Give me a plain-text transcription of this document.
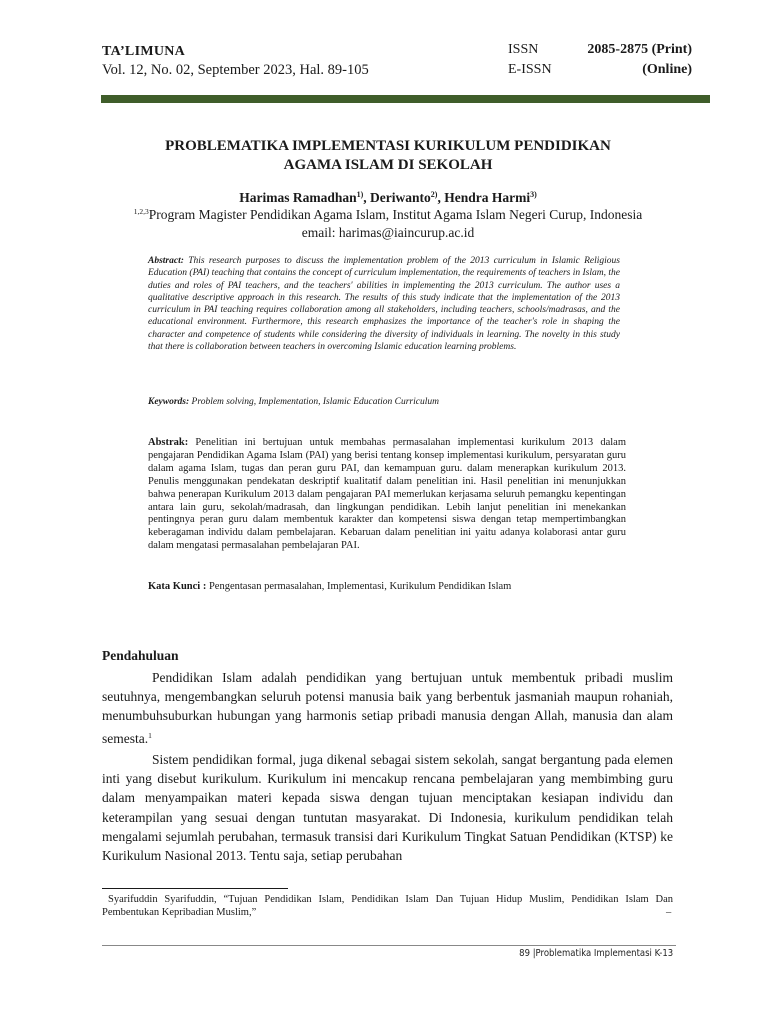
TA’LIMUNA
Vol. 12, No. 02, September 2023, Hal. 89-105
ISSN	2085-2875 (Print)
E-ISSN	(Online)
PROBLEMATIKA IMPLEMENTASI KURIKULUM PENDIDIKAN
AGAMA ISLAM DI SEKOLAH
Harimas Ramadhan$^{1)}$, Deriwanto$^{2)}$, Hendra Harmi$^{3)}$
$^{1,2,3}$Program Magister Pendidikan Agama Islam, Institut Agama Islam Negeri Curup, Indonesia
email: harimas@iaincurup.ac.id
Abstract: This research purposes to discuss the implementation problem of the 2013 curriculum in Islamic Religious Education (PAI) teaching that contains the concept of curriculum implementation, the requirements of teachers in Islam, the duties and roles of PAI teachers, and the teachers' abilities in implementing the 2013 curriculum. The author uses a qualitative descriptive approach in this research. The results of this study indicate that the implementation of the 2013 curriculum in PAI teaching requires collaboration among all stakeholders, including teachers, schools/madrasas, and the educational environment. Furthermore, this research emphasizes the importance of the teacher's role in shaping the character and competence of students while considering the diversity of individuals in learning. The novelty in this study that there is collaboration between teachers in overcoming Islamic education learning problems.
Keywords: Problem solving, Implementation, Islamic Education Curriculum
Abstrak: Penelitian ini bertujuan untuk membahas permasalahan implementasi kurikulum 2013 dalam pengajaran Pendidikan Agama Islam (PAI) yang berisi tentang konsep implementasi kurikulum, persyaratan guru dalam agama Islam, tugas dan peran guru PAI, dan kemampuan guru. dalam menerapkan kurikulum 2013. Penulis menggunakan pendekatan deskriptif kualitatif dalam penelitian ini. Hasil penelitian ini menunjukkan bahwa penerapan Kurikulum 2013 dalam pengajaran PAI memerlukan kerjasama seluruh pemangku kepentingan antara lain guru, sekolah/madrasah, dan lingkungan pendidikan. Lebih lanjut penelitian ini menekankan pentingnya peran guru dalam membentuk karakter dan kompetensi siswa dengan tetap mempertimbangkan keberagaman individu dalam pembelajaran. Kebaruan dalam penelitian ini yaitu adanya kolaborasi antar guru dalam mengatasi permasalahan pembelajaran PAI.
Kata Kunci : Pengentasan permasalahan, Implementasi, Kurikulum Pendidikan Islam
Pendahuluan
Pendidikan Islam adalah pendidikan yang bertujuan untuk membentuk pribadi muslim seutuhnya, mengembangkan seluruh potensi manusia baik yang berbentuk jasmaniah maupun rohaniah, menumbuhsuburkan hubungan yang harmonis setiap pribadi manusia dengan Allah, manusia dan alam semesta.$^1$
Sistem pendidikan formal, juga dikenal sebagai sistem sekolah, sangat bergantung pada elemen inti yang disebut kurikulum. Kurikulum ini mencakup rencana pembelajaran yang membimbing guru dalam menyampaikan materi kepada siswa dengan tujuan menciptakan kesiapan individu dan keterampilan yang sesuai dengan tuntutan masyarakat. Di Indonesia, kurikulum pendidikan telah mengalami sejumlah perubahan, termasuk transisi dari Kurikulum Tingkat Satuan Pendidikan (KTSP) ke Kurikulum Nasional 2013. Tentu saja, setiap perubahan
Syarifuddin Syarifuddin, “Tujuan Pendidikan Islam, Pendidikan Islam Dan Tujuan Hidup Muslim, Pendidikan Islam Dan Pembentukan Kepribadian Muslim,”	–
89 |Problematika Implementasi K-13
